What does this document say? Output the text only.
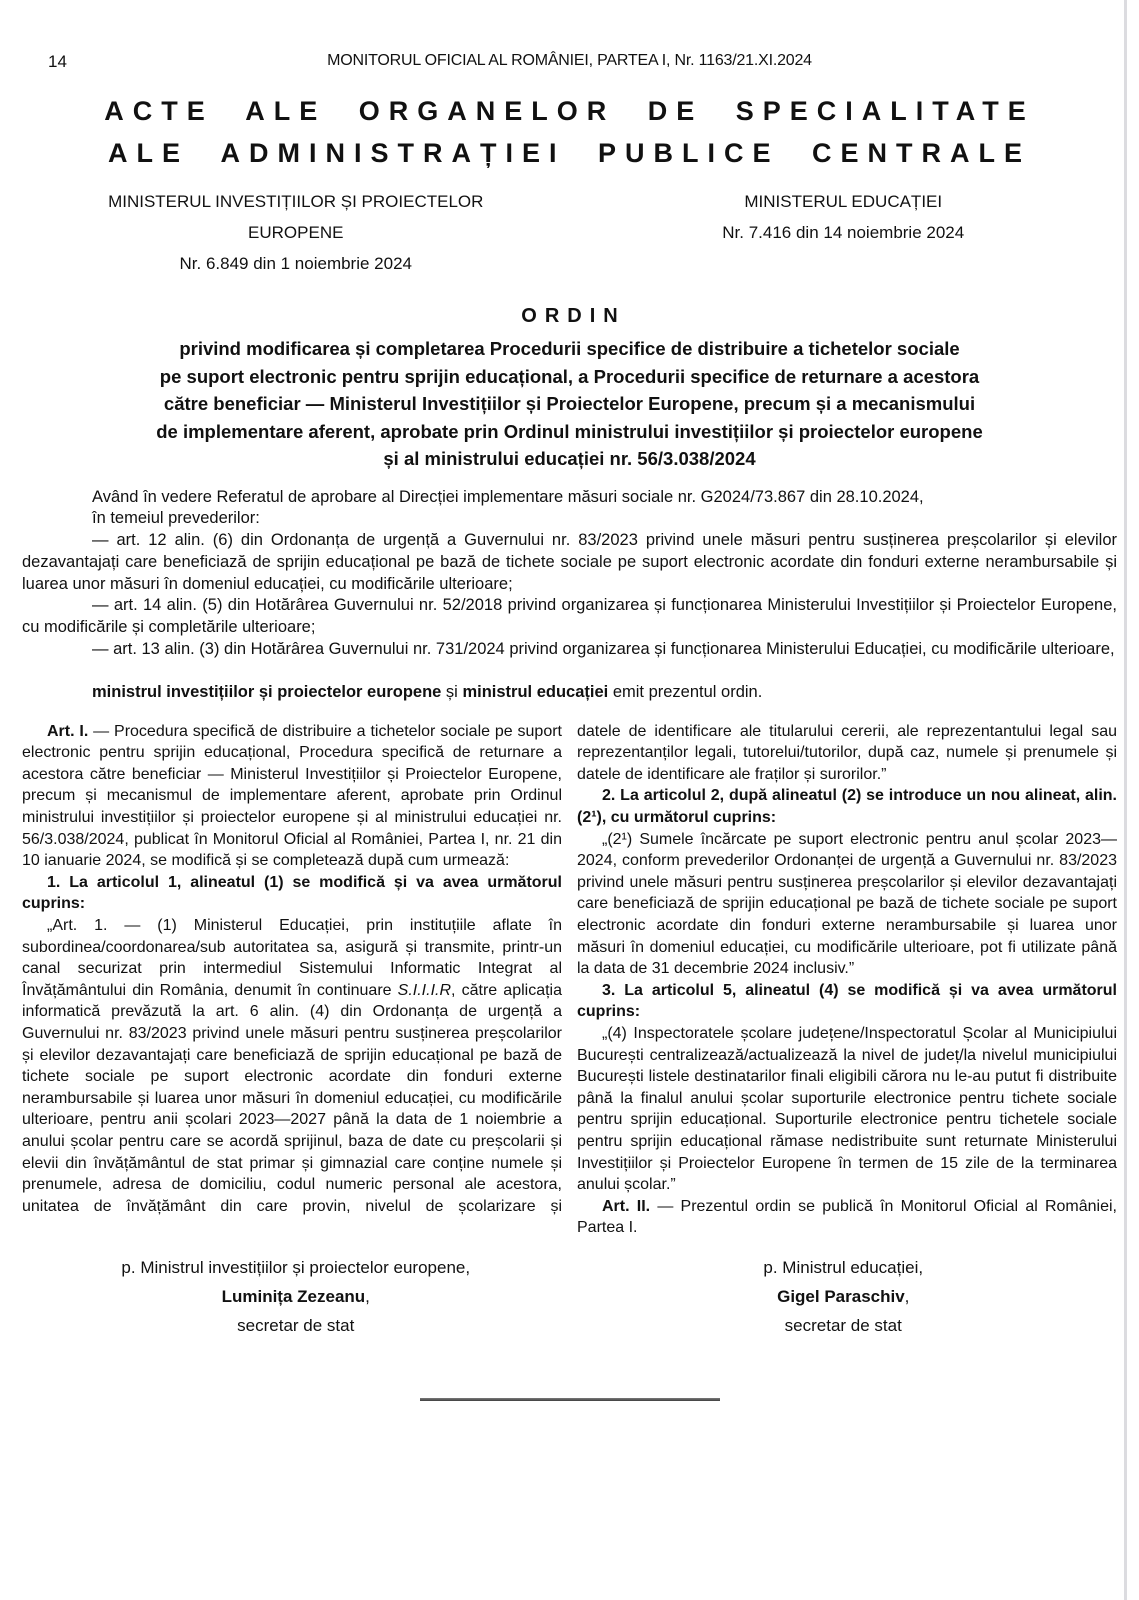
14	MONITORUL OFICIAL AL ROMÂNIEI, PARTEA I, Nr. 1163/21.XI.2024
ACTE ALE ORGANELOR DE SPECIALITATE
ALE ADMINISTRAȚIEI PUBLICE CENTRALE
MINISTERUL INVESTIȚIILOR ȘI PROIECTELOR
EUROPENE
Nr. 6.849 din 1 noiembrie 2024
MINISTERUL EDUCAȚIEI
Nr. 7.416 din 14 noiembrie 2024
ORDIN
privind modificarea și completarea Procedurii specifice de distribuire a tichetelor sociale
pe suport electronic pentru sprijin educațional, a Procedurii specifice de returnare a acestora
către beneficiar — Ministerul Investițiilor și Proiectelor Europene, precum și a mecanismului
de implementare aferent, aprobate prin Ordinul ministrului investițiilor și proiectelor europene
și al ministrului educației nr. 56/3.038/2024

Având în vedere Referatul de aprobare al Direcției implementare măsuri sociale nr. G2024/73.867 din 28.10.2024,

în temeiul prevederilor:

— art. 12 alin. (6) din Ordonanța de urgență a Guvernului nr. 83/2023 privind unele măsuri pentru susținerea preșcolarilor și elevilor dezavantajați care beneficiază de sprijin educațional pe bază de tichete sociale pe suport electronic acordate din fonduri externe nerambursabile și luarea unor măsuri în domeniul educației, cu modificările ulterioare;

— art. 14 alin. (5) din Hotărârea Guvernului nr. 52/2018 privind organizarea și funcționarea Ministerului Investițiilor și Proiectelor Europene, cu modificările și completările ulterioare;

— art. 13 alin. (3) din Hotărârea Guvernului nr. 731/2024 privind organizarea și funcționarea Ministerului Educației, cu modificările ulterioare,

ministrul investițiilor și proiectelor europene și ministrul educației emit prezentul ordin.

Art. I. — Procedura specifică de distribuire a tichetelor sociale pe suport electronic pentru sprijin educațional, Procedura specifică de returnare a acestora către beneficiar — Ministerul Investițiilor și Proiectelor Europene, precum și mecanismul de implementare aferent, aprobate prin Ordinul ministrului investițiilor și proiectelor europene și al ministrului educației nr. 56/3.038/2024, publicat în Monitorul Oficial al României, Partea I, nr. 21 din 10 ianuarie 2024, se modifică și se completează după cum urmează:

1. La articolul 1, alineatul (1) se modifică și va avea următorul cuprins:

„Art. 1. — (1) Ministerul Educației, prin instituțiile aflate în subordinea/coordonarea/sub autoritatea sa, asigură și transmite, printr-un canal securizat prin intermediul Sistemului Informatic Integrat al Învățământului din România, denumit în continuare S.I.I.I.R, către aplicația informatică prevăzută la art. 6 alin. (4) din Ordonanța de urgență a Guvernului nr. 83/2023 privind unele măsuri pentru susținerea preșcolarilor și elevilor dezavantajați care beneficiază de sprijin educațional pe bază de tichete sociale pe suport electronic acordate din fonduri externe nerambursabile și luarea unor măsuri în domeniul educației, cu modificările ulterioare, pentru anii școlari 2023—2027 până la data de 1 noiembrie a anului școlar pentru care se acordă sprijinul, baza de date cu preșcolarii și elevii din învățământul de stat primar și gimnazial care conține numele și prenumele, adresa de domiciliu, codul numeric personal ale acestora, unitatea de învățământ din care provin, nivelul de școlarizare și

datele de identificare ale titularului cererii, ale reprezentantului legal sau reprezentanților legali, tutorelui/tutorilor, după caz, numele și prenumele și datele de identificare ale fraților și surorilor.”

2. La articolul 2, după alineatul (2) se introduce un nou alineat, alin. (2¹), cu următorul cuprins:

„(2¹) Sumele încărcate pe suport electronic pentru anul școlar 2023—2024, conform prevederilor Ordonanței de urgență a Guvernului nr. 83/2023 privind unele măsuri pentru susținerea preșcolarilor și elevilor dezavantajați care beneficiază de sprijin educațional pe bază de tichete sociale pe suport electronic acordate din fonduri externe nerambursabile și luarea unor măsuri în domeniul educației, cu modificările ulterioare, pot fi utilizate până la data de 31 decembrie 2024 inclusiv.”

3. La articolul 5, alineatul (4) se modifică și va avea următorul cuprins:

„(4) Inspectoratele școlare județene/Inspectoratul Școlar al Municipiului București centralizează/actualizează la nivel de județ/la nivelul municipiului București listele destinatarilor finali eligibili cărora nu le-au putut fi distribuite până la finalul anului școlar suporturile electronice pentru tichete sociale pentru sprijin educațional. Suporturile electronice pentru tichetele sociale pentru sprijin educațional rămase nedistribuite sunt returnate Ministerului Investițiilor și Proiectelor Europene în termen de 15 zile de la terminarea anului școlar.”

Art. II. — Prezentul ordin se publică în Monitorul Oficial al României, Partea I.

p. Ministrul investițiilor și proiectelor europene,
Luminița Zezeanu,
secretar de stat
p. Ministrul educației,
Gigel Paraschiv,
secretar de stat
